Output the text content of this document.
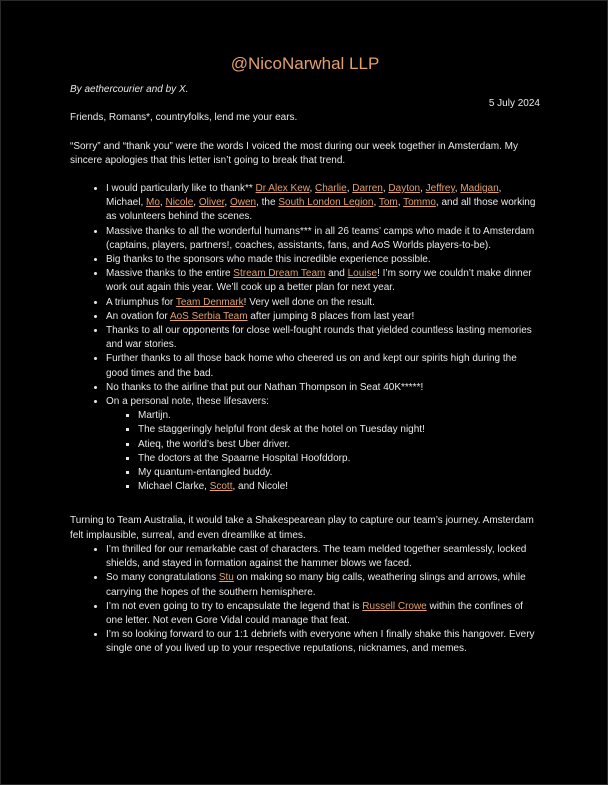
@NicoNarwhal LLP

By aethercourier and by X.

5 July 2024

Friends, Romans*, countryfolks, lend me your ears.

“Sorry” and “thank you” were the words I voiced the most during our week together in Amsterdam. My sincere apologies that this letter isn’t going to break that trend.

• I would particularly like to thank** Dr Alex Kew, Charlie, Darren, Dayton, Jeffrey, Madigan, Michael, Mo, Nicole, Oliver, Owen, the South London Legion, Tom, Tommo, and all those working as volunteers behind the scenes.
• Massive thanks to all the wonderful humans*** in all 26 teams’ camps who made it to Amsterdam (captains, players, partners!, coaches, assistants, fans, and AoS Worlds players-to-be).
• Big thanks to the sponsors who made this incredible experience possible.
• Massive thanks to the entire Stream Dream Team and Louise! I’m sorry we couldn’t make dinner work out again this year. We’ll cook up a better plan for next year.
• A triumphus for Team Denmark! Very well done on the result.
• An ovation for AoS Serbia Team after jumping 8 places from last year!
• Thanks to all our opponents for close well-fought rounds that yielded countless lasting memories and war stories.
• Further thanks to all those back home who cheered us on and kept our spirits high during the good times and the bad.
• No thanks to the airline that put our Nathan Thompson in Seat 40K*****!
• On a personal note, these lifesavers:
▪ Martijn.
▪ The staggeringly helpful front desk at the hotel on Tuesday night!
▪ Atieq, the world’s best Uber driver.
▪ The doctors at the Spaarne Hospital Hoofddorp.
▪ My quantum-entangled buddy.
▪ Michael Clarke, Scott, and Nicole!

Turning to Team Australia, it would take a Shakespearean play to capture our team’s journey. Amsterdam felt implausible, surreal, and even dreamlike at times.

• I’m thrilled for our remarkable cast of characters. The team melded together seamlessly, locked shields, and stayed in formation against the hammer blows we faced.
• So many congratulations Stu on making so many big calls, weathering slings and arrows, while carrying the hopes of the southern hemisphere.
• I’m not even going to try to encapsulate the legend that is Russell Crowe within the confines of one letter. Not even Gore Vidal could manage that feat.
• I’m so looking forward to our 1:1 debriefs with everyone when I finally shake this hangover. Every single one of you lived up to your respective reputations, nicknames, and memes.
